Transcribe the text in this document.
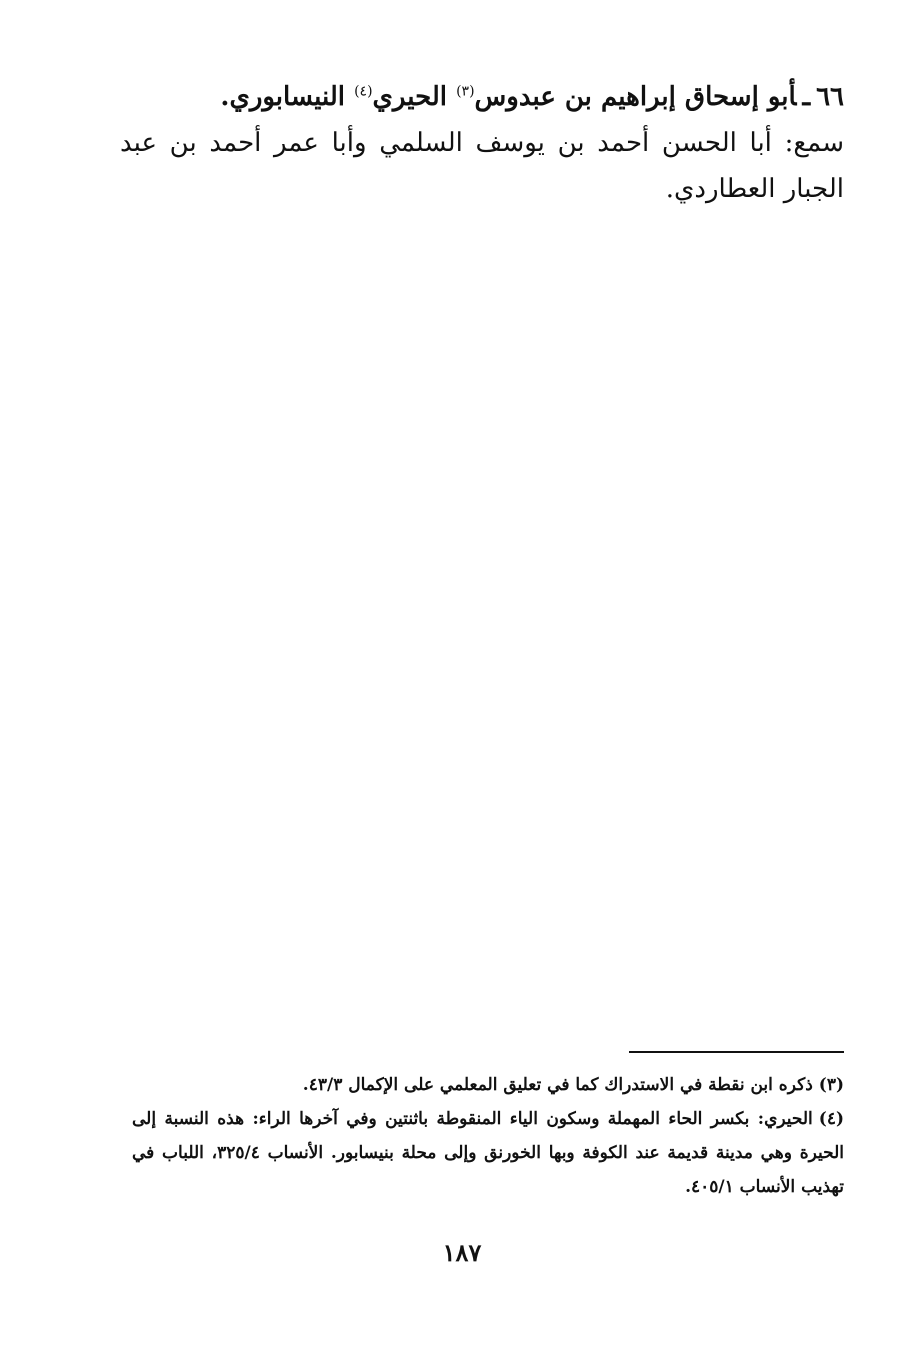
٦٦ـأبو إسحاق إبراهيم بن عبدوس$^{(٣)}$ الحيري$^{(٤)}$ النيسابوري.

سمع: أبا الحسن أحمد بن يوسف السلمي وأبا عمر أحمد بن عبد الجبار العطاردي.

(٣)ذكره ابن نقطة في الاستدراك كما في تعليق المعلمي على الإكمال ٤٣/٣.

(٤)الحيري: بكسر الحاء المهملة وسكون الياء المنقوطة باثنتين وفي آخرها الراء: هذه النسبة إلى الحيرة وهي مدينة قديمة عند الكوفة وبها الخورنق وإلى محلة بنيسابور. الأنساب ٣٢٥/٤، اللباب في تهذيب الأنساب ٤٠٥/١.

١٨٧
